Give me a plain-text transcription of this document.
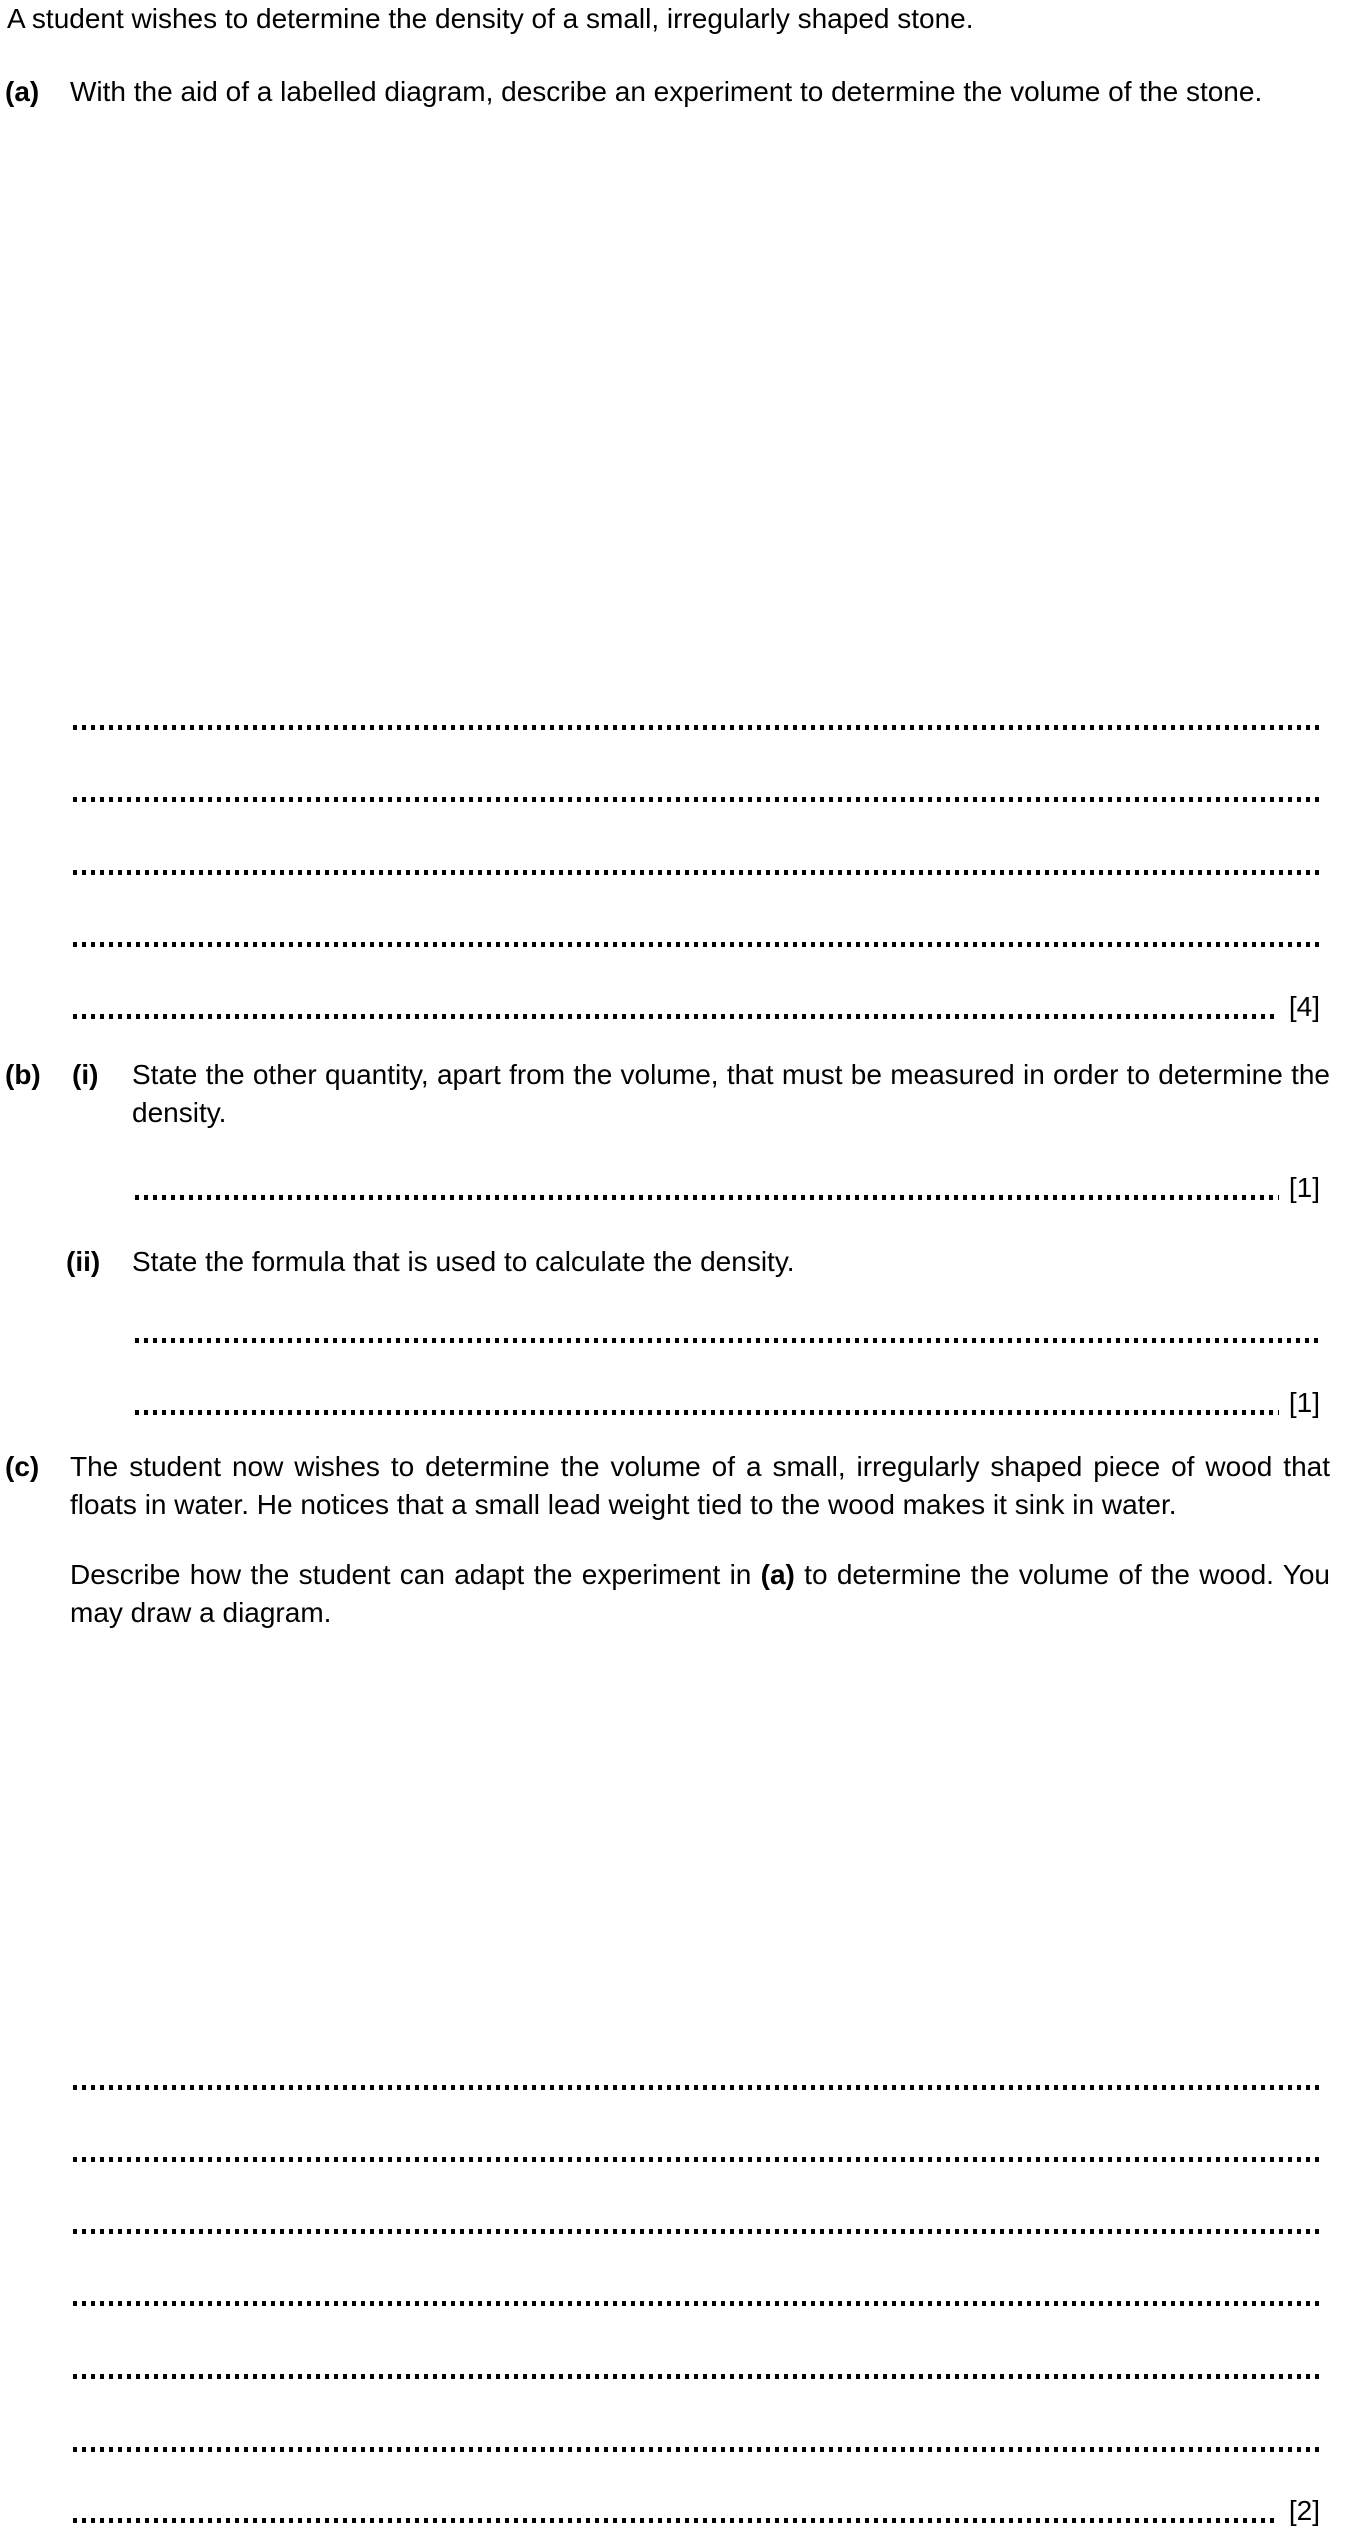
A student wishes to determine the density of a small, irregularly shaped stone.
(a) With the aid of a labelled diagram, describe an experiment to determine the volume of the stone.
[4]
(b) (i) State the other quantity, apart from the volume, that must be measured in order to determine the density.
[1]
(ii) State the formula that is used to calculate the density.
[1]
(c) The student now wishes to determine the volume of a small, irregularly shaped piece of wood that floats in water. He notices that a small lead weight tied to the wood makes it sink in water.
Describe how the student can adapt the experiment in (a) to determine the volume of the wood. You may draw a diagram.
[2]
